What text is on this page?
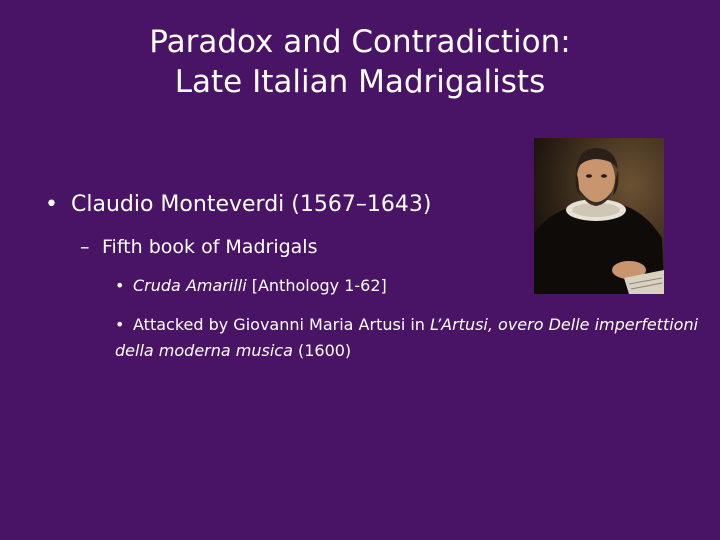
Paradox and Contradiction:
Late Italian Madrigalists
• Claudio Monteverdi (1567–1643)
– Fifth book of Madrigals
• Cruda Amarilli [Anthology 1-62]
• Attacked by Giovanni Maria Artusi in L’Artusi, overo Delle imperfettioni della moderna musica (1600)
